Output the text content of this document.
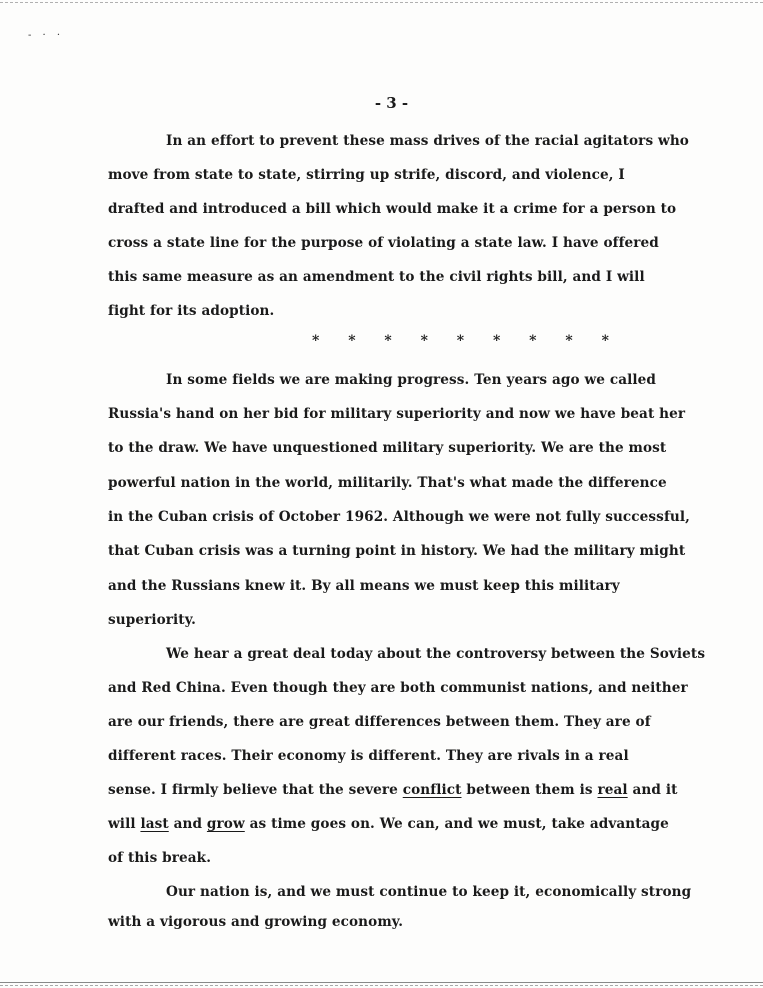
- · ·
- 3 -
In an effort to prevent these mass drives of the racial agitators who
move from state to state, stirring up strife, discord, and violence, I
drafted and introduced a bill which would make it a crime for a person to
cross a state line for the purpose of violating a state law. I have offered
this same measure as an amendment to the civil rights bill, and I will
fight for its adoption.
* * * * * * * * *
In some fields we are making progress. Ten years ago we called
Russia's hand on her bid for military superiority and now we have beat her
to the draw. We have unquestioned military superiority. We are the most
powerful nation in the world, militarily. That's what made the difference
in the Cuban crisis of October 1962. Although we were not fully successful,
that Cuban crisis was a turning point in history. We had the military might
and the Russians knew it. By all means we must keep this military
superiority.
We hear a great deal today about the controversy between the Soviets
and Red China. Even though they are both communist nations, and neither
are our friends, there are great differences between them. They are of
different races. Their economy is different. They are rivals in a real
sense. I firmly believe that the severe conflict between them is real and it
will last and grow as time goes on. We can, and we must, take advantage
of this break.
Our nation is, and we must continue to keep it, economically strong
with a vigorous and growing economy.
